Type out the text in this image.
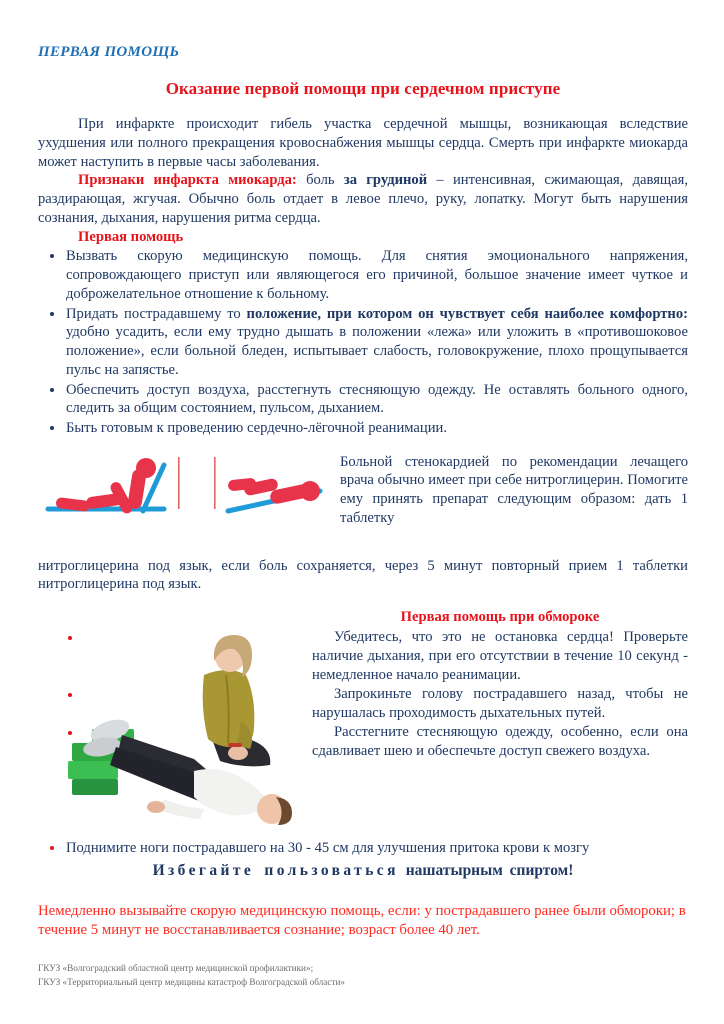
ПЕРВАЯ ПОМОЩЬ
Оказание первой помощи при сердечном приступе

При инфаркте происходит гибель участка сердечной мышцы, возникающая вследствие ухудшения или полного прекращения кровоснабжения мышцы сердца. Смерть при инфаркте миокарда может наступить в первые часы заболевания.

Признаки инфаркта миокарда: боль за грудиной – интенсивная, сжимающая, давящая, раздирающая, жгучая. Обычно боль отдает в левое плечо, руку, лопатку. Могут быть нарушения сознания, дыхания, нарушения ритма сердца.

Первая помощь

Вызвать скорую медицинскую помощь. Для снятия эмоционального напряжения, сопровождающего приступ или являющегося его причиной, большое значение имеет чуткое и доброжелательное отношение к больному.
Придать пострадавшему то положение, при котором он чувствует себя наиболее комфортно: удобно усадить, если ему трудно дышать в положении «лежа» или уложить в «противошоковое положение», если больной бледен, испытывает слабость, головокружение, плохо прощупывается пульс на запястье.
Обеспечить доступ воздуха, расстегнуть стесняющую одежду. Не оставлять больного одного, следить за общим состоянием, пульсом, дыханием.
Быть готовым к проведению сердечно-лёгочной реанимации.

Больной стенокардией по рекомендации лечащего врача обычно имеет при себе нитроглицерин. Помогите ему принять препарат следующим образом: дать 1 таблетку

нитроглицерина под язык, если боль сохраняется, через 5 минут повторный прием 1 таблетки нитроглицерина под язык.

Первая помощь при обмороке
Убедитесь, что это не остановка сердца! Проверьте наличие дыхания, при его отсутствии в течение 10 секунд - немедленное начало реанимации.
Запрокиньте голову пострадавшего назад, чтобы не нарушалась проходимость дыхательных путей.
Расстегните стесняющую одежду, особенно, если она сдавливает шею и обеспечьте доступ свежего воздуха.
Поднимите ноги пострадавшего на 30 - 45 см для улучшения притока крови к мозгу
Избегайте пользоваться нашатырным спиртом!

Немедленно вызывайте скорую медицинскую помощь, если: у пострадавшего ранее были обмороки; в течение 5 минут не восстанавливается сознание; возраст более 40 лет.

ГКУЗ «Волгоградский областной центр медицинской профилактики»;
ГКУЗ «Территориальный центр медицины катастроф Волгоградской области»
